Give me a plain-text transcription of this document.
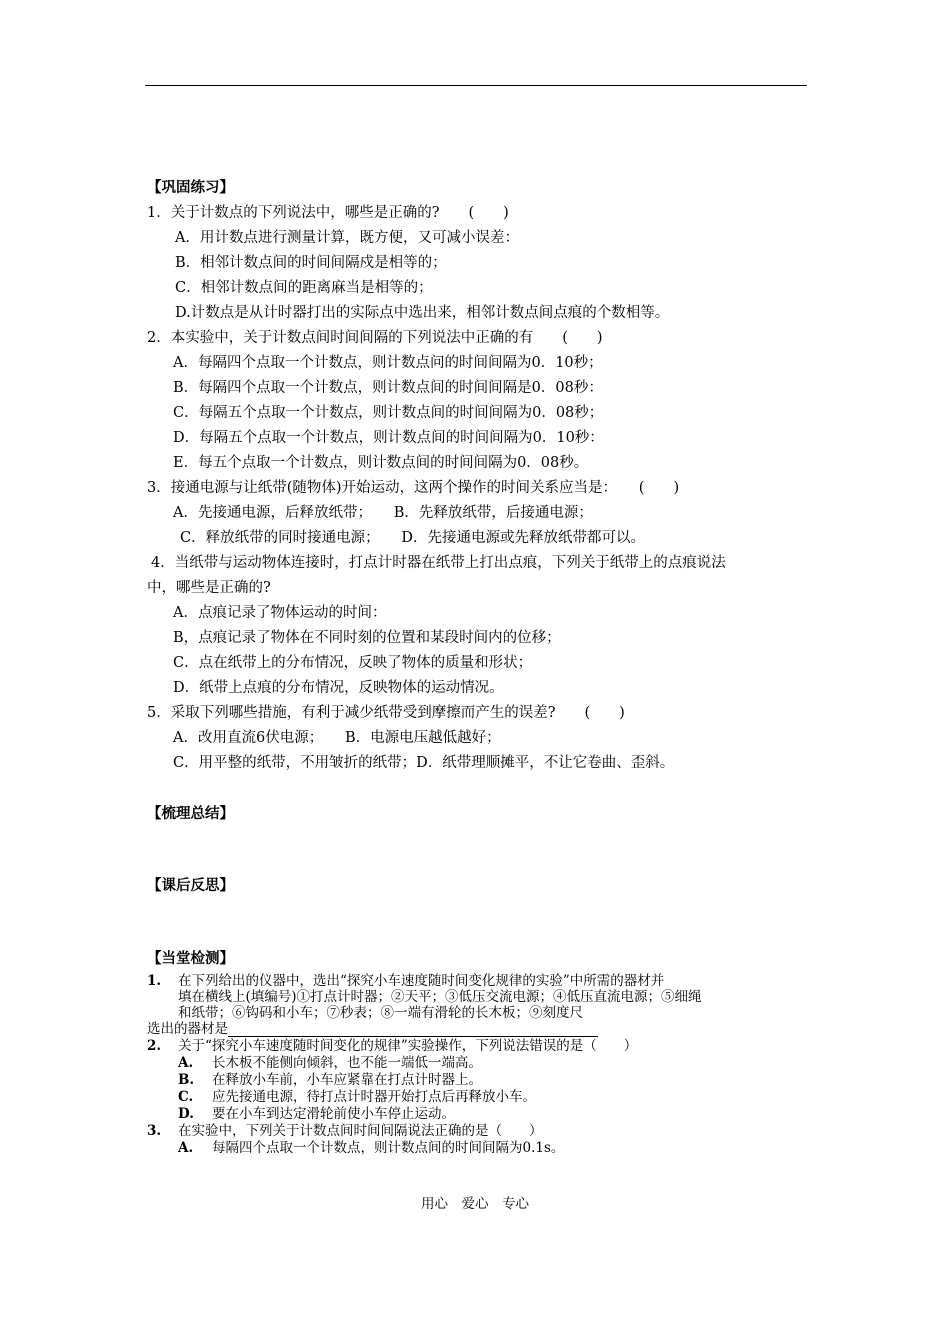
【巩固练习】
1．关于计数点的下列说法中，哪些是正确的?　　(　　)
A．用计数点进行测量计算，既方便，又可减小误差：
B．相邻计数点间的时间间隔戍是相等的；
C．相邻计数点间的距离麻当是相等的；
D.计数点是从计时器打出的实际点中选出来，相邻计数点间点痕的个数相等。
2．本实验中，关于计数点间时间间隔的下列说法中正确的有　　(　　)
A．每隔四个点取一个计数点，则计数点问的时间间隔为0．10秒；
B．每隔四个点取一个计数点，则计数点间的时间间隔是0．08秒：
C．每隔五个点取一个计数点，则计数点间的时间间隔为0．08秒；
D．每隔五个点取一个计数点，则计数点间的时间间隔为0．10秒：
E．每五个点取一个计数点，则计数点间的时间间隔为0．08秒。
3．接通电源与让纸带(随物体)开始运动，这两个操作的时间关系应当是：　　(　　)
A．先接通电源，后释放纸带；　　B．先释放纸带，后接通电源；
C．释放纸带的同时接通电源；　　D．先接通电源或先释放纸带都可以。
4．当纸带与运动物体连接时，打点计时器在纸带上打出点痕，下列关于纸带上的点痕说法
中，哪些是正确的?
A．点痕记录了物体运动的时间：
B，点痕记录了物体在不同时刻的位置和某段时间内的位移；
C．点在纸带上的分布情况，反映了物体的质量和形状；
D．纸带上点痕的分布情况，反映物体的运动情况。
5．采取下列哪些措施，有利于减少纸带受到摩擦而产生的误差?　　(　　)
A．改用直流6伏电源；　　B．电源电压越低越好；
C．用平整的纸带，不用皱折的纸带；D．纸带理顺摊平，不让它卷曲、歪斜。
【梳理总结】
【课后反思】
【当堂检测】
1. 在下列给出的仪器中，选出“探究小车速度随时间变化规律的实验”中所需的器材并
填在横线上(填编号)①打点计时器；②天平；③低压交流电源；④低压直流电源；⑤细绳
和纸带；⑥钩码和小车；⑦秒表；⑧一端有滑轮的长木板；⑨刻度尺
选出的器材是
2. 关于“探究小车速度随时间变化的规律”实验操作，下列说法错误的是（　　）
A. 长木板不能侧向倾斜，也不能一端低一端高。
B. 在释放小车前，小车应紧靠在打点计时器上。
C. 应先接通电源，待打点计时器开始打点后再释放小车。
D. 要在小车到达定滑轮前使小车停止运动。
3. 在实验中，下列关于计数点间时间间隔说法正确的是（　　）
A. 每隔四个点取一个计数点，则计数点间的时间间隔为0.1s。
用心　爱心　专心
